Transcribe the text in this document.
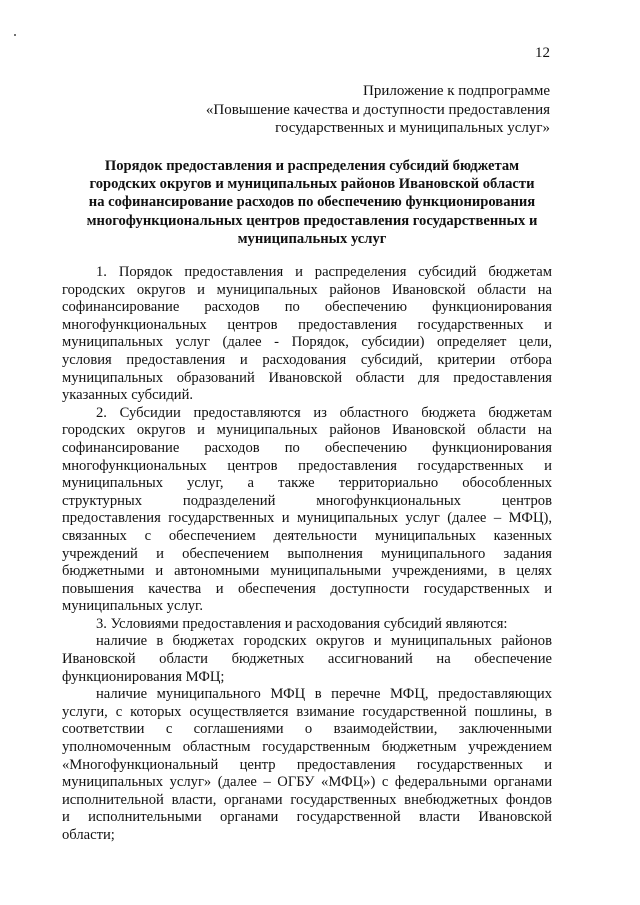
12
Приложение к подпрограмме
«Повышение качества и доступности предоставления
государственных и муниципальных услуг»
Порядок предоставления и распределения субсидий бюджетам
городских округов и муниципальных районов Ивановской области
на софинансирование расходов по обеспечению функционирования
многофункциональных центров предоставления государственных и
муниципальных услуг
1. Порядок предоставления и распределения субсидий бюджетам
городских округов и муниципальных районов Ивановской области на
софинансирование расходов по обеспечению функционирования
многофункциональных центров предоставления государственных и
муниципальных услуг (далее - Порядок, субсидии) определяет цели,
условия предоставления и расходования субсидий, критерии отбора
муниципальных образований Ивановской области для предоставления
указанных субсидий.
2. Субсидии предоставляются из областного бюджета бюджетам
городских округов и муниципальных районов Ивановской области на
софинансирование расходов по обеспечению функционирования
многофункциональных центров предоставления государственных и
муниципальных услуг, а также территориально обособленных
структурных подразделений многофункциональных центров
предоставления государственных и муниципальных услуг (далее – МФЦ),
связанных с обеспечением деятельности муниципальных казенных
учреждений и обеспечением выполнения муниципального задания
бюджетными и автономными муниципальными учреждениями, в целях
повышения качества и обеспечения доступности государственных и
муниципальных услуг.
3. Условиями предоставления и расходования субсидий являются:
наличие в бюджетах городских округов и муниципальных районов
Ивановской области бюджетных ассигнований на обеспечение
функционирования МФЦ;
наличие муниципального МФЦ в перечне МФЦ, предоставляющих
услуги, с которых осуществляется взимание государственной пошлины, в
соответствии с соглашениями о взаимодействии, заключенными
уполномоченным областным государственным бюджетным учреждением
«Многофункциональный центр предоставления государственных и
муниципальных услуг» (далее – ОГБУ «МФЦ») с федеральными органами
исполнительной власти, органами государственных внебюджетных фондов
и исполнительными органами государственной власти Ивановской
области;
